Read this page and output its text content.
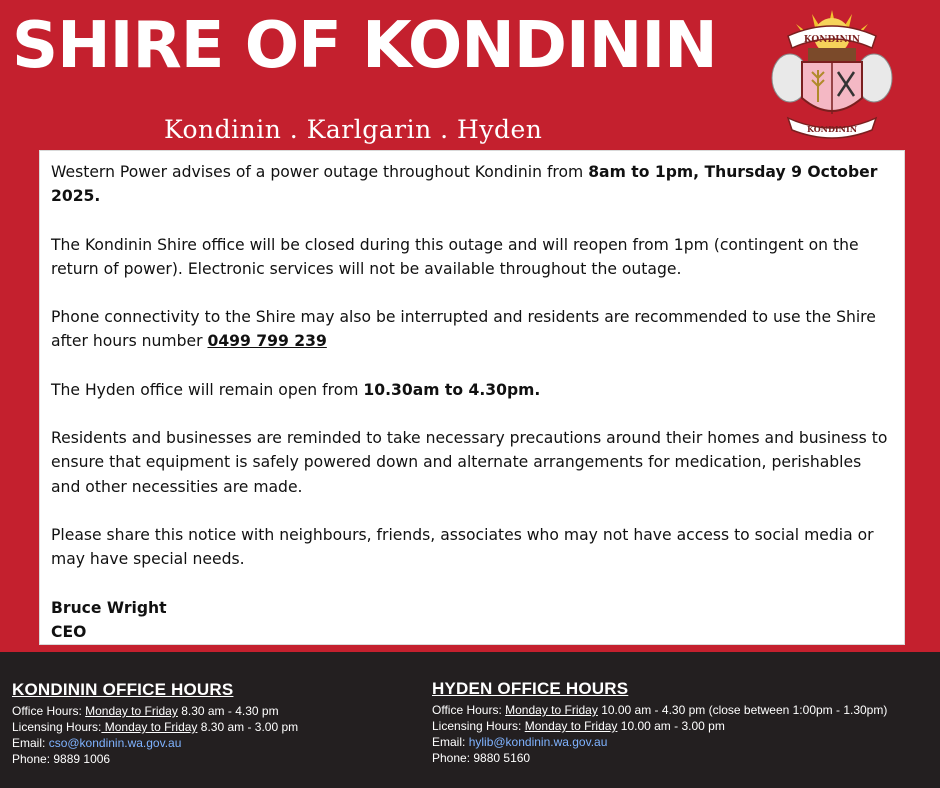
SHIRE OF KONDININ
Kondinin . Karlgarin . Hyden
KONDININ
KONDININ

Western Power advises of a power outage throughout Kondinin from 8am to 1pm, Thursday 9 October 2025.

The Kondinin Shire office will be closed during this outage and will reopen from 1pm (contingent on the return of power). Electronic services will not be available throughout the outage.

Phone connectivity to the Shire may also be interrupted and residents are recommended to use the Shire after hours number 0499 799 239

The Hyden office will remain open from 10.30am to 4.30pm.

Residents and businesses are reminded to take necessary precautions around their homes and business to ensure that equipment is safely powered down and alternate arrangements for medication, perishables and other necessities are made.

Please share this notice with neighbours, friends, associates who may not have access to social media or may have special needs.

Bruce Wright

CEO

KONDININ OFFICE HOURS
Office Hours: Monday to Friday 8.30 am - 4.30 pm
Licensing Hours: Monday to Friday 8.30 am - 3.00 pm
Email: cso@kondinin.wa.gov.au
Phone: 9889 1006
HYDEN OFFICE HOURS
Office Hours: Monday to Friday 10.00 am - 4.30 pm (close between 1:00pm - 1.30pm)
Licensing Hours: Monday to Friday 10.00 am - 3.00 pm
Email: hylib@kondinin.wa.gov.au
Phone: 9880 5160
